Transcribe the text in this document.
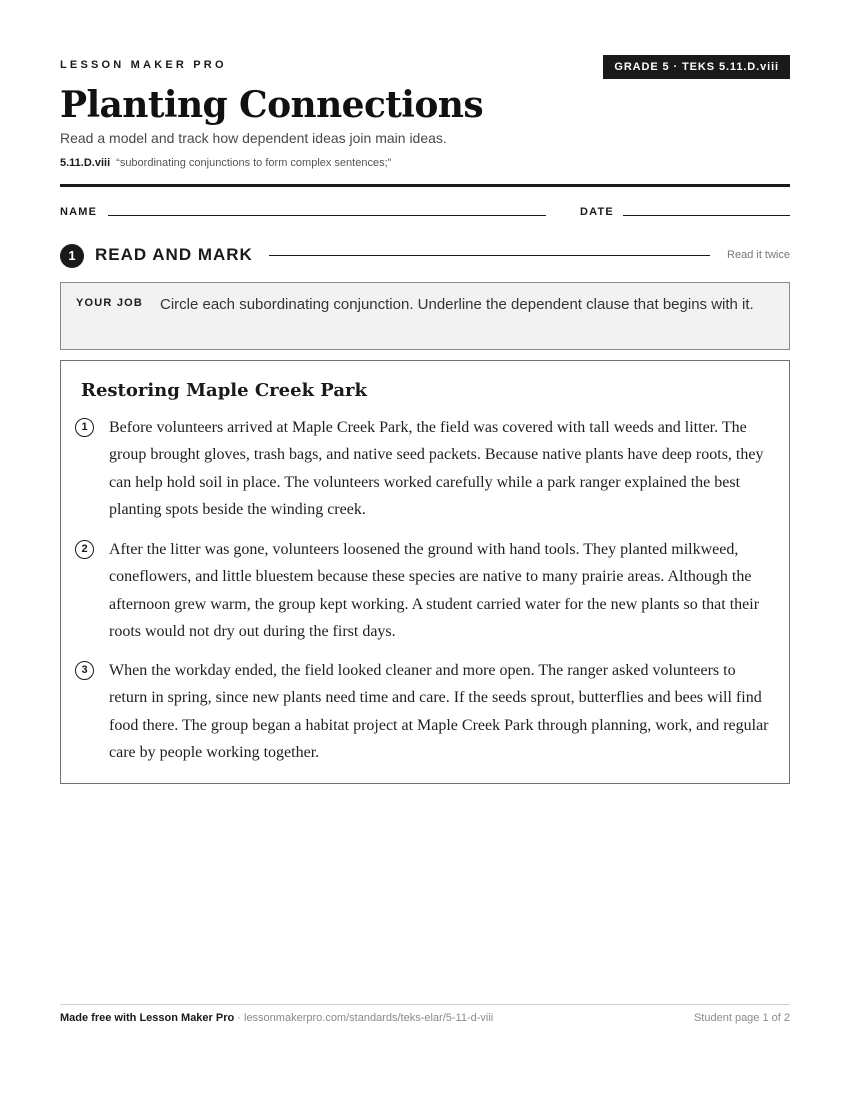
LESSON MAKER PRO	GRADE 5 · TEKS 5.11.D.viii
Planting Connections
Read a model and track how dependent ideas join main ideas.
5.11.D.viii “subordinating conjunctions to form complex sentences;”
NAME	DATE
1	READ AND MARK	Read it twice
YOUR JOB Circle each subordinating conjunction. Underline the dependent clause that begins with it.
Restoring Maple Creek Park
1	Before volunteers arrived at Maple Creek Park, the field was covered with tall weeds and litter. The group brought gloves, trash bags, and native seed packets. Because native plants have deep roots, they can help hold soil in place. The volunteers worked carefully while a park ranger explained the best planting spots beside the winding creek.

2	After the litter was gone, volunteers loosened the ground with hand tools. They planted milkweed, coneflowers, and little bluestem because these species are native to many prairie areas. Although the afternoon grew warm, the group kept working. A student carried water for the new plants so that their roots would not dry out during the first days.

3	When the workday ended, the field looked cleaner and more open. The ranger asked volunteers to return in spring, since new plants need time and care. If the seeds sprout, butterflies and bees will find food there. The group began a habitat project at Maple Creek Park through planning, work, and regular care by people working together.

Made free with Lesson Maker Pro · lessonmakerpro.com/standards/teks-elar/5-11-d-viii	Student page 1 of 2
